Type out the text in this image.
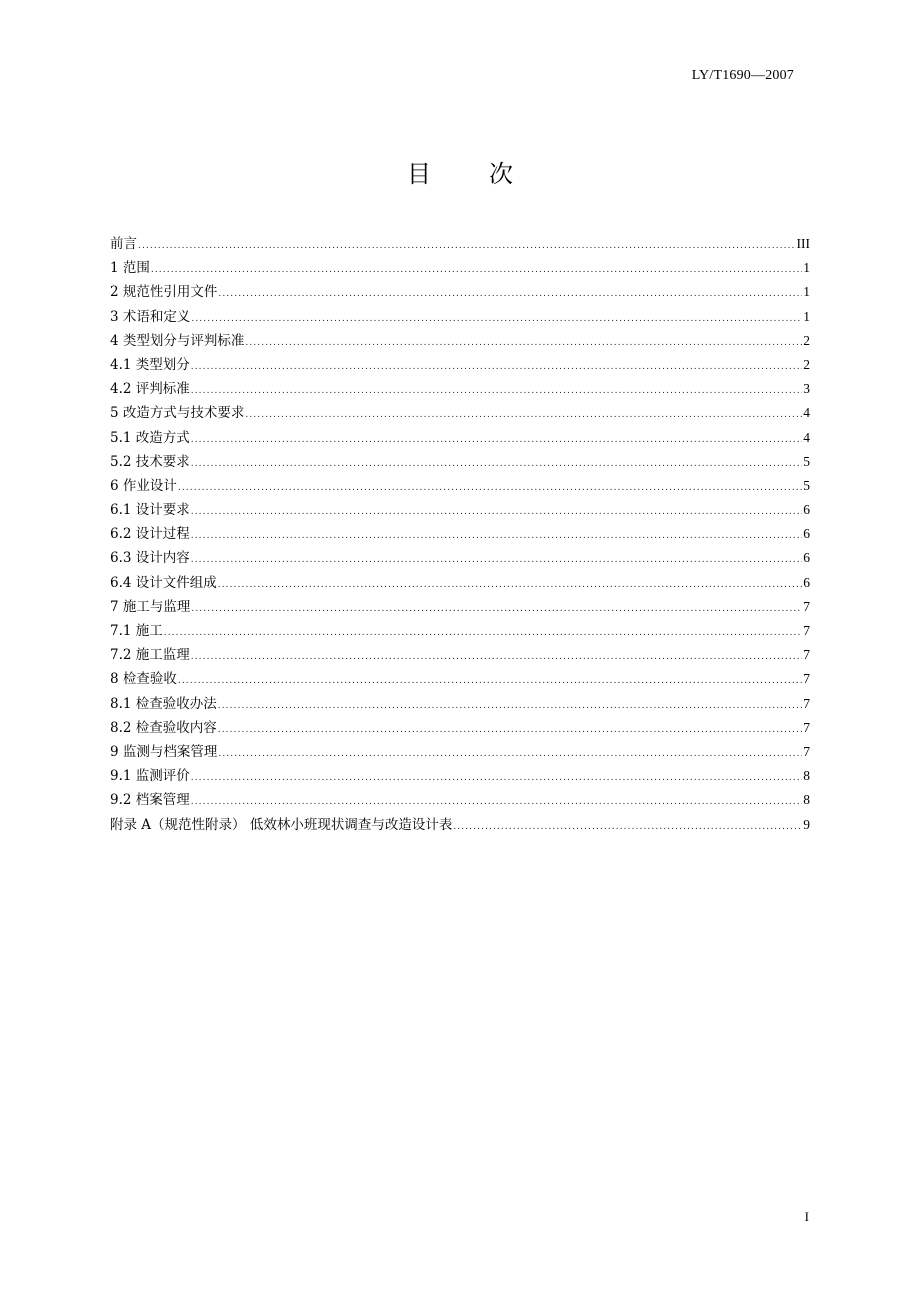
LY/T1690—2007
目 次
前言 .....	III
1 范围 .....	1
2 规范性引用文件 .....	1
3 术语和定义 .....	1
4 类型划分与评判标准 .....	2
4.1 类型划分 .....	2
4.2 评判标准 .....	3
5 改造方式与技术要求 .....	4
5.1 改造方式 .....	4
5.2 技术要求 .....	5
6 作业设计 .....	5
6.1 设计要求 .....	6
6.2 设计过程 .....	6
6.3 设计内容 .....	6
6.4 设计文件组成 .....	6
7 施工与监理 .....	7
7.1 施工 .....	7
7.2 施工监理 .....	7
8 检查验收 .....	7
8.1 检查验收办法 .....	7
8.2 检查验收内容 .....	7
9 监测与档案管理 .....	7
9.1 监测评价 .....	8
9.2 档案管理 .....	8
附录 A（规范性附录） 低效林小班现状调查与改造设计表 .....	9
I
